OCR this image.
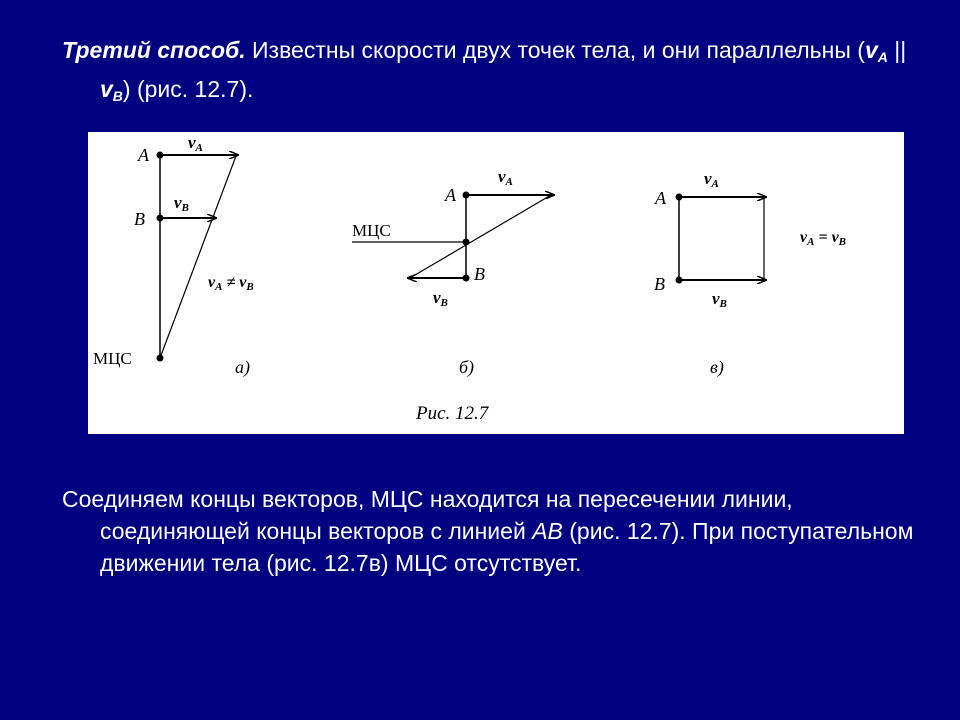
Третий способ. Известны скорости двух точек тела, и они параллельны (vA || vB) (рис. 12.7).
A
B
МЦС
vA
vB
vA ≠ vB
а)
A
B
МЦС
vA
vB
б)
A
B
vA
vB
vA = vB
в)
Рис. 12.7
Соединяем концы векторов, МЦС находится на пересечении линии, соединяющей концы векторов с линией AB (рис. 12.7). При поступательном движении тела (рис. 12.7в) МЦС отсутствует.
